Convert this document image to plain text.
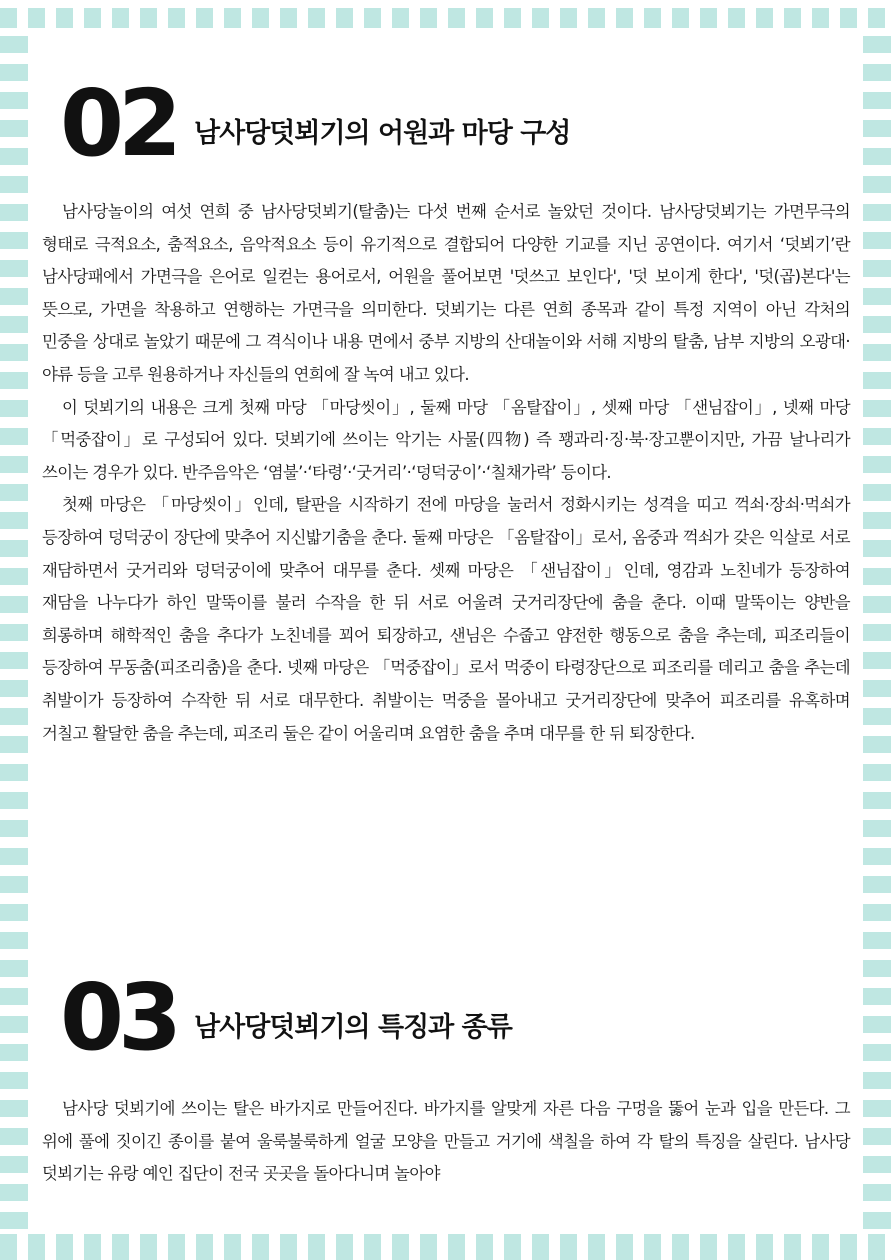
02 남사당덧뵈기의 어원과 마당 구성

남사당놀이의 여섯 연희 중 남사당덧뵈기(탈춤)는 다섯 번째 순서로 놀았던 것이다. 남사당덧뵈기는 가면무극의 형태로 극적요소, 춤적요소, 음악적요소 등이 유기적으로 결합되어 다양한 기교를 지닌 공연이다. 여기서 ‘덧뵈기’란 남사당패에서 가면극을 은어로 일컫는 용어로서, 어원을 풀어보면 '덧쓰고 보인다', '덧 보이게 한다', '덧(곱)본다'는 뜻으로, 가면을 착용하고 연행하는 가면극을 의미한다. 덧뵈기는 다른 연희 종목과 같이 특정 지역이 아닌 각처의 민중을 상대로 놀았기 때문에 그 격식이나 내용 면에서 중부 지방의 산대놀이와 서해 지방의 탈춤, 남부 지방의 오광대·야류 등을 고루 원용하거나 자신들의 연희에 잘 녹여 내고 있다.

이 덧뵈기의 내용은 크게 첫째 마당 「마당씻이」, 둘째 마당 「옴탈잡이」, 셋째 마당 「샌님잡이」, 넷째 마당 「먹중잡이」로 구성되어 있다. 덧뵈기에 쓰이는 악기는 사물(四物) 즉 꽹과리·징·북·장고뿐이지만, 가끔 날나리가 쓰이는 경우가 있다. 반주음악은 ‘염불’·‘타령’·‘굿거리’·‘덩덕궁이’·‘칠채가락’ 등이다.

첫째 마당은 「마당씻이」인데, 탈판을 시작하기 전에 마당을 눌러서 정화시키는 성격을 띠고 꺽쇠·장쇠·먹쇠가 등장하여 덩덕궁이 장단에 맞추어 지신밟기춤을 춘다. 둘째 마당은 「옴탈잡이」로서, 옴중과 꺽쇠가 갖은 익살로 서로 재담하면서 굿거리와 덩덕궁이에 맞추어 대무를 춘다. 셋째 마당은 「샌님잡이」인데, 영감과 노친네가 등장하여 재담을 나누다가 하인 말뚝이를 불러 수작을 한 뒤 서로 어울려 굿거리장단에 춤을 춘다. 이때 말뚝이는 양반을 희롱하며 해학적인 춤을 추다가 노친네를 꾀어 퇴장하고, 샌님은 수줍고 얌전한 행동으로 춤을 추는데, 피조리들이 등장하여 무동춤(피조리춤)을 춘다. 넷째 마당은 「먹중잡이」로서 먹중이 타령장단으로 피조리를 데리고 춤을 추는데 취발이가 등장하여 수작한 뒤 서로 대무한다. 취발이는 먹중을 몰아내고 굿거리장단에 맞추어 피조리를 유혹하며 거칠고 활달한 춤을 추는데, 피조리 둘은 같이 어울리며 요염한 춤을 추며 대무를 한 뒤 퇴장한다.

03 남사당덧뵈기의 특징과 종류

남사당 덧뵈기에 쓰이는 탈은 바가지로 만들어진다. 바가지를 알맞게 자른 다음 구멍을 뚫어 눈과 입을 만든다. 그 위에 풀에 짓이긴 종이를 붙여 울룩불룩하게 얼굴 모양을 만들고 거기에 색칠을 하여 각 탈의 특징을 살린다. 남사당 덧뵈기는 유랑 예인 집단이 전국 곳곳을 돌아다니며 놀아야
